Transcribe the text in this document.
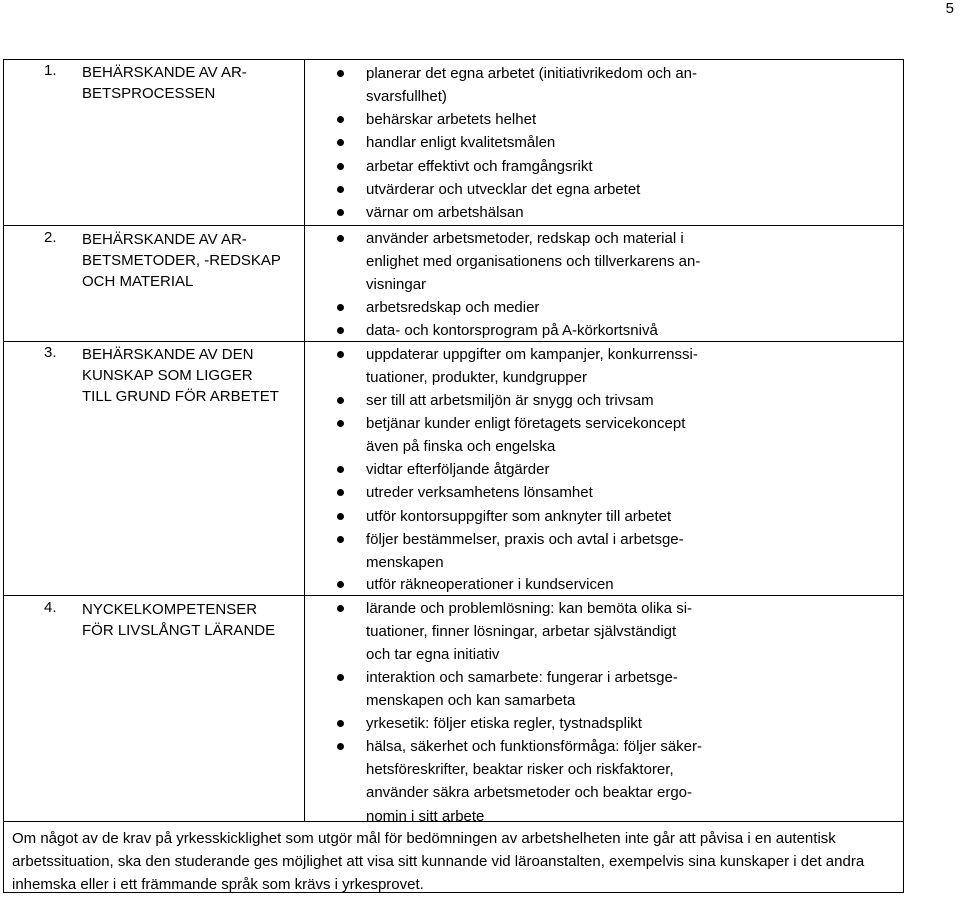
5
1. BEHÄRSKANDE AV AR-
BETSPROCESSEN
planerar det egna arbetet (initiativrikedom och an-
svarsfullhet)
behärskar arbetets helhet
handlar enligt kvalitetsmålen
arbetar effektivt och framgångsrikt
utvärderar och utvecklar det egna arbetet
värnar om arbetshälsan
2. BEHÄRSKANDE AV AR-
BETSMETODER, -REDSKAP
OCH MATERIAL
använder arbetsmetoder, redskap och material i
enlighet med organisationens och tillverkarens an-
visningar
arbetsredskap och medier
data- och kontorsprogram på A-körkortsnivå
3. BEHÄRSKANDE AV DEN
KUNSKAP SOM LIGGER
TILL GRUND FÖR ARBETET
uppdaterar uppgifter om kampanjer, konkurrenssi-
tuationer, produkter, kundgrupper
ser till att arbetsmiljön är snygg och trivsam
betjänar kunder enligt företagets servicekoncept
även på finska och engelska
vidtar efterföljande åtgärder
utreder verksamhetens lönsamhet
utför kontorsuppgifter som anknyter till arbetet
följer bestämmelser, praxis och avtal i arbetsge-
menskapen
utför räkneoperationer i kundservicen
4. NYCKELKOMPETENSER
FÖR LIVSLÅNGT LÄRANDE
lärande och problemlösning: kan bemöta olika si-
tuationer, finner lösningar, arbetar självständigt
och tar egna initiativ
interaktion och samarbete: fungerar i arbetsge-
menskapen och kan samarbeta
yrkesetik: följer etiska regler, tystnadsplikt
hälsa, säkerhet och funktionsförmåga: följer säker-
hetsföreskrifter, beaktar risker och riskfaktorer,
använder säkra arbetsmetoder och beaktar ergo-
nomin i sitt arbete
Om något av de krav på yrkesskicklighet som utgör mål för bedömningen av arbetshelheten inte går att påvisa i en autentisk arbetssituation, ska den studerande ges möjlighet att visa sitt kunnande vid läroanstalten, exempelvis sina kunskaper i det andra inhemska eller i ett främmande språk som krävs i yrkesprovet.
